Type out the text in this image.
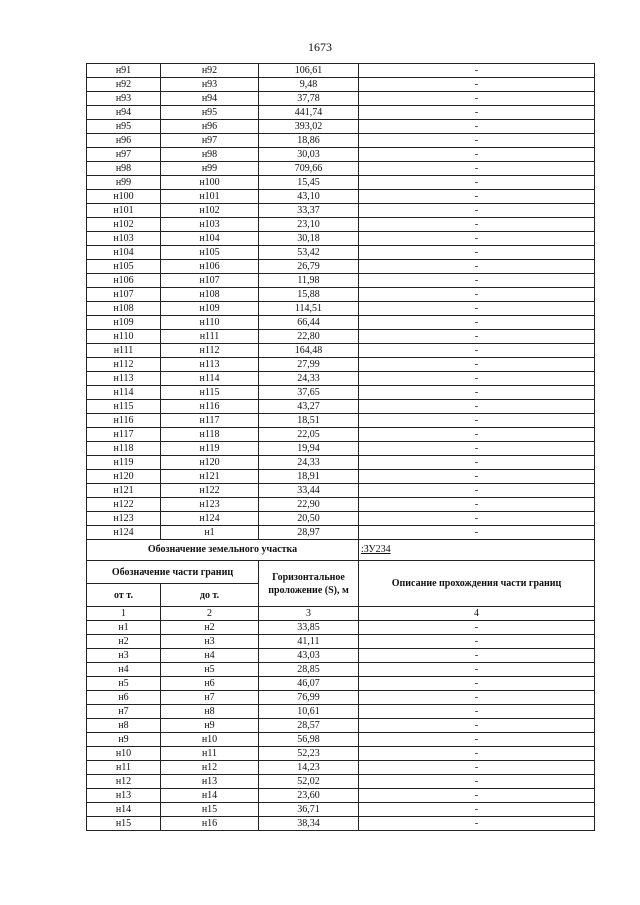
1673
н91	н92	106,61	-
н92	н93	9,48	-
н93	н94	37,78	-
н94	н95	441,74	-
н95	н96	393,02	-
н96	н97	18,86	-
н97	н98	30,03	-
н98	н99	709,66	-
н99	н100	15,45	-
н100	н101	43,10	-
н101	н102	33,37	-
н102	н103	23,10	-
н103	н104	30,18	-
н104	н105	53,42	-
н105	н106	26,79	-
н106	н107	11,98	-
н107	н108	15,88	-
н108	н109	114,51	-
н109	н110	66,44	-
н110	н111	22,80	-
н111	н112	164,48	-
н112	н113	27,99	-
н113	н114	24,33	-
н114	н115	37,65	-
н115	н116	43,27	-
н116	н117	18,51	-
н117	н118	22,05	-
н118	н119	19,94	-
н119	н120	24,33	-
н120	н121	18,91	-
н121	н122	33,44	-
н122	н123	22,90	-
н123	н124	20,50	-
н124	н1	28,97	-
Обозначение земельного участка			:ЗУ234
Обозначение части границ		Горизонтальное проложение (S), м	Описание прохождения части границ
от т.	до т.		
1	2	3	4
н1	н2	33,85	-
н2	н3	41,11	-
н3	н4	43,03	-
н4	н5	28,85	-
н5	н6	46,07	-
н6	н7	76,99	-
н7	н8	10,61	-
н8	н9	28,57	-
н9	н10	56,98	-
н10	н11	52,23	-
н11	н12	14,23	-
н12	н13	52,02	-
н13	н14	23,60	-
н14	н15	36,71	-
н15	н16	38,34	-
